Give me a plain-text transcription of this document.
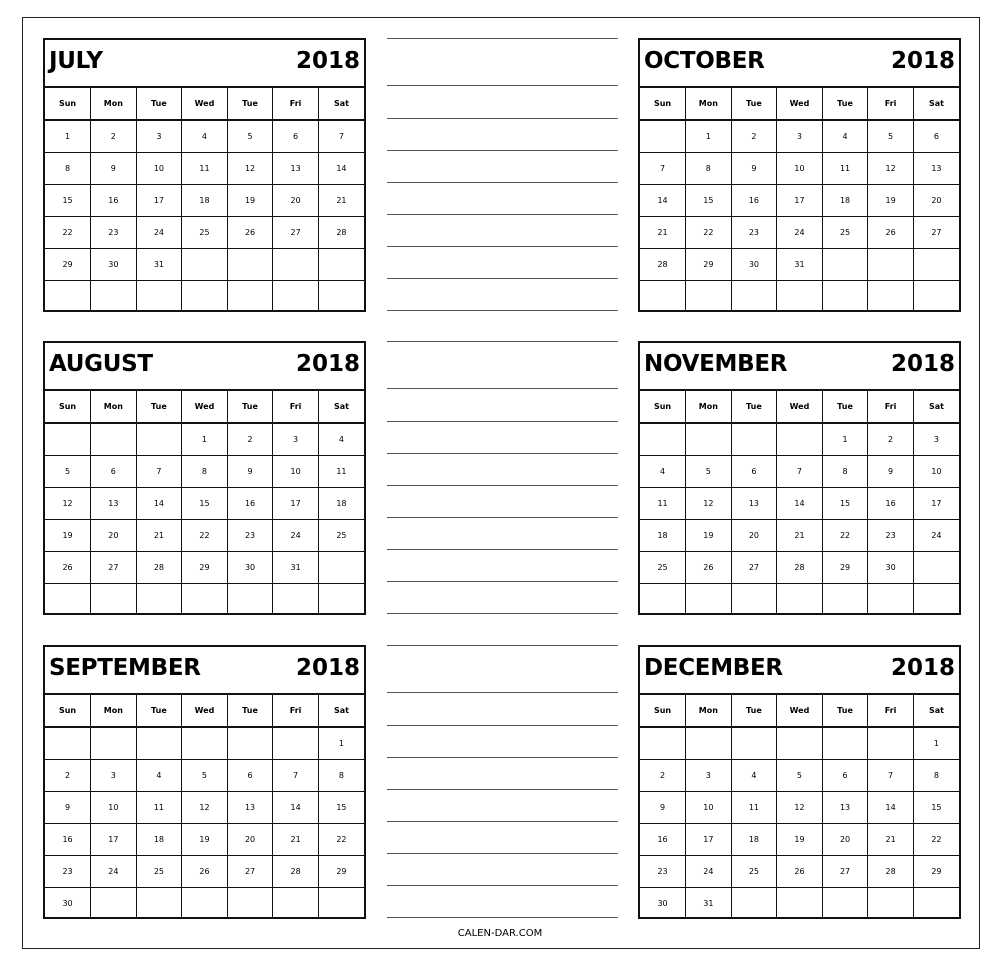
JULY	2018
Sun	Mon	Tue	Wed	Tue	Fri	Sat
1	2	3	4	5	6	7
8	9	10	11	12	13	14
15	16	17	18	19	20	21
22	23	24	25	26	27	28
29	30	31				

AUGUST	2018
Sun	Mon	Tue	Wed	Tue	Fri	Sat
			1	2	3	4
5	6	7	8	9	10	11
12	13	14	15	16	17	18
19	20	21	22	23	24	25
26	27	28	29	30	31	

SEPTEMBER	2018
Sun	Mon	Tue	Wed	Tue	Fri	Sat
						1
2	3	4	5	6	7	8
9	10	11	12	13	14	15
16	17	18	19	20	21	22
23	24	25	26	27	28	29
30						
OCTOBER	2018
Sun	Mon	Tue	Wed	Tue	Fri	Sat
	1	2	3	4	5	6
7	8	9	10	11	12	13
14	15	16	17	18	19	20
21	22	23	24	25	26	27
28	29	30	31			

NOVEMBER	2018
Sun	Mon	Tue	Wed	Tue	Fri	Sat
				1	2	3
4	5	6	7	8	9	10
11	12	13	14	15	16	17
18	19	20	21	22	23	24
25	26	27	28	29	30	

DECEMBER	2018
Sun	Mon	Tue	Wed	Tue	Fri	Sat
						1
2	3	4	5	6	7	8
9	10	11	12	13	14	15
16	17	18	19	20	21	22
23	24	25	26	27	28	29
30	31					
CALEN-DAR.COM
